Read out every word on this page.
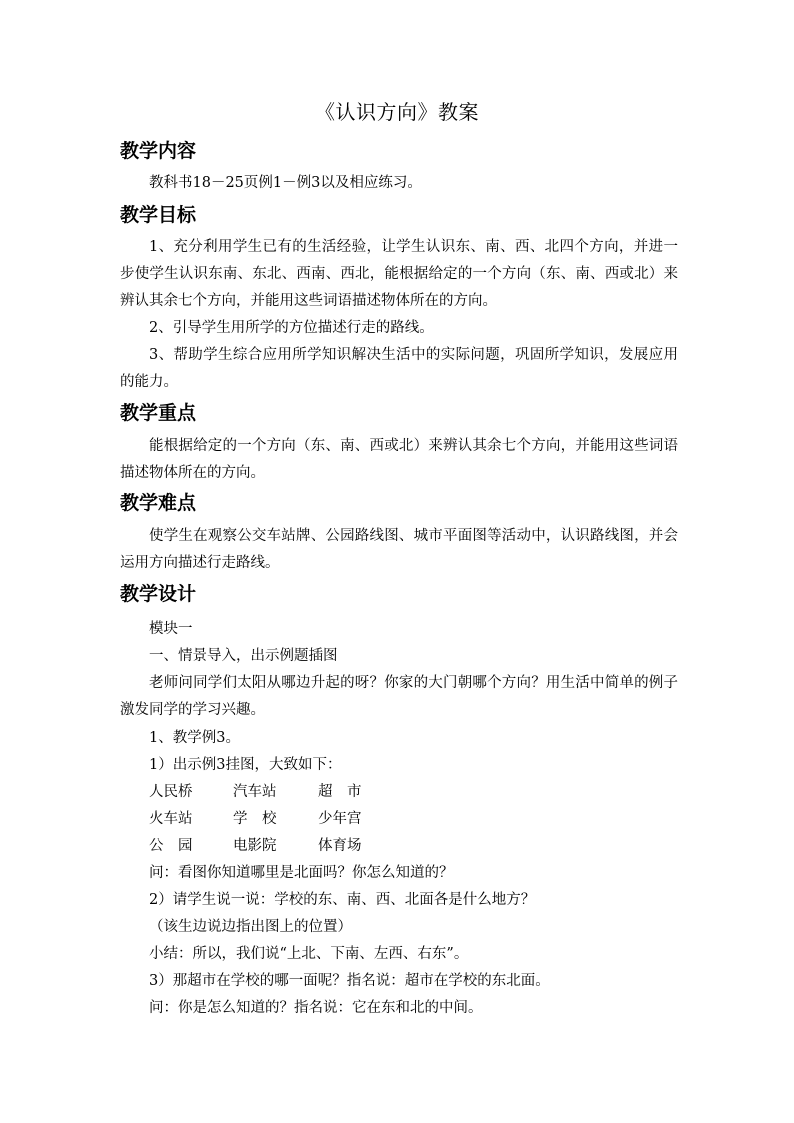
《认识方向》教案
教学内容
教科书18－25页例1－例3以及相应练习。
教学目标
1、充分利用学生已有的生活经验，让学生认识东、南、西、北四个方向，并进一步使学生认识东南、东北、西南、西北，能根据给定的一个方向（东、南、西或北）来辨认其余七个方向，并能用这些词语描述物体所在的方向。
2、引导学生用所学的方位描述行走的路线。
3、帮助学生综合应用所学知识解决生活中的实际问题，巩固所学知识，发展应用的能力。
教学重点
能根据给定的一个方向（东、南、西或北）来辨认其余七个方向，并能用这些词语描述物体所在的方向。
教学难点
使学生在观察公交车站牌、公园路线图、城市平面图等活动中，认识路线图，并会运用方向描述行走路线。
教学设计
模块一
一、情景导入，出示例题插图
老师问同学们太阳从哪边升起的呀？你家的大门朝哪个方向？用生活中简单的例子激发同学的学习兴趣。
1、教学例3。
1）出示例3挂图，大致如下：
人民桥	汽车站	超　市
火车站	学　校	少年宫
公　园	电影院	体育场
问：看图你知道哪里是北面吗？你怎么知道的？
2）请学生说一说：学校的东、南、西、北面各是什么地方？
（该生边说边指出图上的位置）
小结：所以，我们说“上北、下南、左西、右东”。
3）那超市在学校的哪一面呢？指名说：超市在学校的东北面。
问：你是怎么知道的？指名说：它在东和北的中间。
